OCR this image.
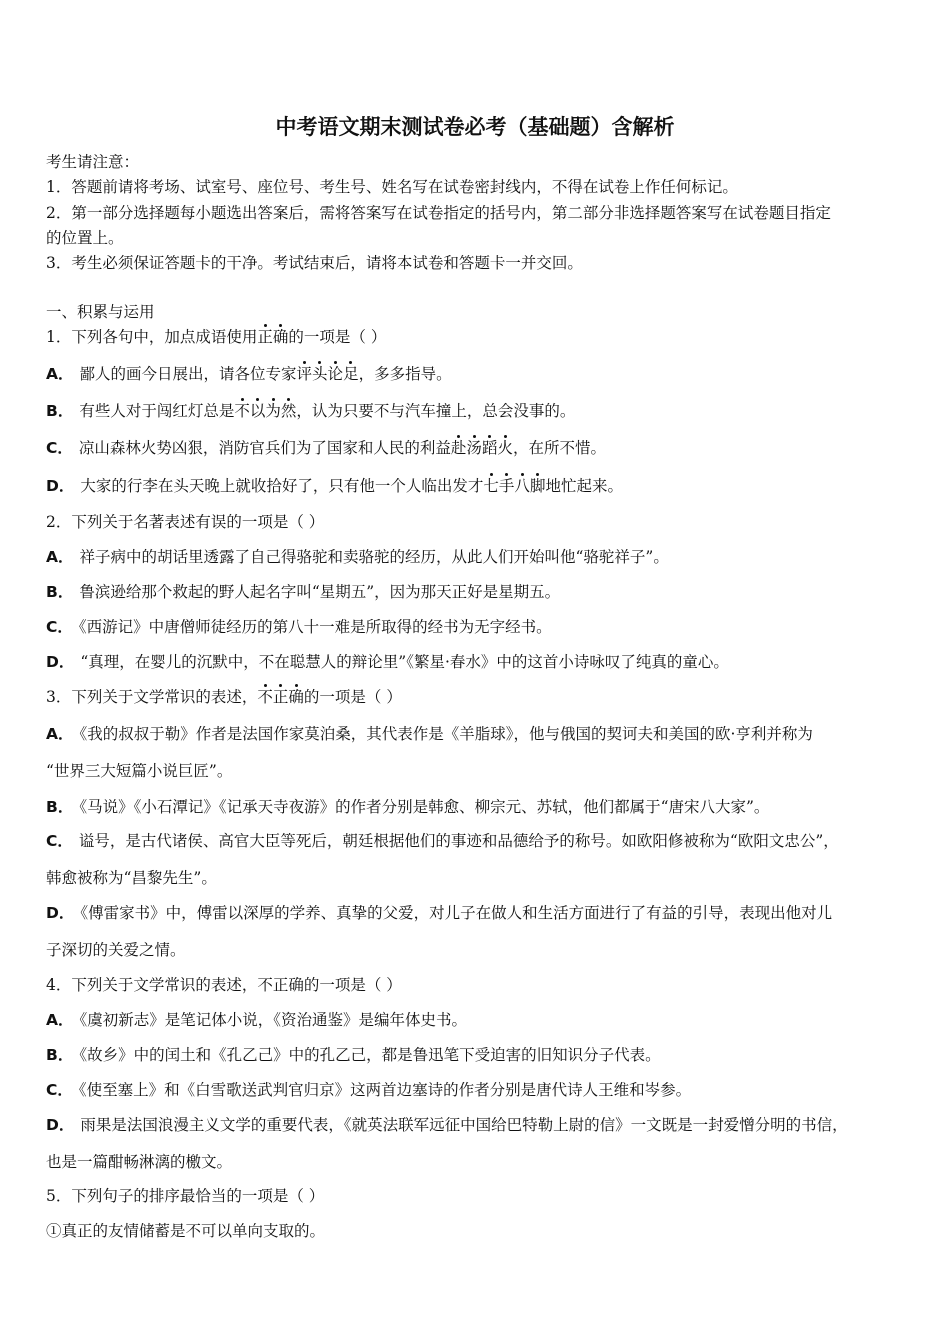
中考语文期末测试卷必考（基础题）含解析
考生请注意：
1．答题前请将考场、试室号、座位号、考生号、姓名写在试卷密封线内，不得在试卷上作任何标记。
2．第一部分选择题每小题选出答案后，需将答案写在试卷指定的括号内，第二部分非选择题答案写在试卷题目指定
的位置上。
3．考生必须保证答题卡的干净。考试结束后，请将本试卷和答题卡一并交回。
一、积累与运用
1．下列各句中，加点成语使用正确的一项是（ ）
A． 鄙人的画今日展出，请各位专家评头论足，多多指导。
B． 有些人对于闯红灯总是不以为然，认为只要不与汽车撞上，总会没事的。
C． 凉山森林火势凶狠，消防官兵们为了国家和人民的利益赴汤蹈火，在所不惜。
D． 大家的行李在头天晚上就收拾好了，只有他一个人临出发才七手八脚地忙起来。
2．下列关于名著表述有误的一项是（ ）
A． 祥子病中的胡话里透露了自己得骆驼和卖骆驼的经历，从此人们开始叫他“骆驼祥子”。
B． 鲁滨逊给那个救起的野人起名字叫“星期五”，因为那天正好是星期五。
C． 《西游记》中唐僧师徒经历的第八十一难是所取得的经书为无字经书。
D． “真理，在婴儿的沉默中，不在聪慧人的辩论里”《繁星·春水》中的这首小诗咏叹了纯真的童心。
3．下列关于文学常识的表述，不正确的一项是（ ）
A． 《我的叔叔于勒》作者是法国作家莫泊桑，其代表作是《羊脂球》，他与俄国的契诃夫和美国的欧·亨利并称为
“世界三大短篇小说巨匠”。
B． 《马说》《小石潭记》《记承天寺夜游》的作者分别是韩愈、柳宗元、苏轼，他们都属于“唐宋八大家”。
C． 谥号，是古代诸侯、高官大臣等死后，朝廷根据他们的事迹和品德给予的称号。如欧阳修被称为“欧阳文忠公”，
韩愈被称为“昌黎先生”。
D． 《傅雷家书》中，傅雷以深厚的学养、真挚的父爱，对儿子在做人和生活方面进行了有益的引导，表现出他对儿
子深切的关爱之情。
4．下列关于文学常识的表述，不正确的一项是（ ）
A． 《虞初新志》是笔记体小说，《资治通鉴》是编年体史书。
B． 《故乡》中的闰土和《孔乙己》中的孔乙己，都是鲁迅笔下受迫害的旧知识分子代表。
C． 《使至塞上》和《白雪歌送武判官归京》这两首边塞诗的作者分别是唐代诗人王维和岑参。
D． 雨果是法国浪漫主义文学的重要代表，《就英法联军远征中国给巴特勒上尉的信》一文既是一封爱憎分明的书信，
也是一篇酣畅淋漓的檄文。
5．下列句子的排序最恰当的一项是（ ）
①真正的友情储蓄是不可以单向支取的。
